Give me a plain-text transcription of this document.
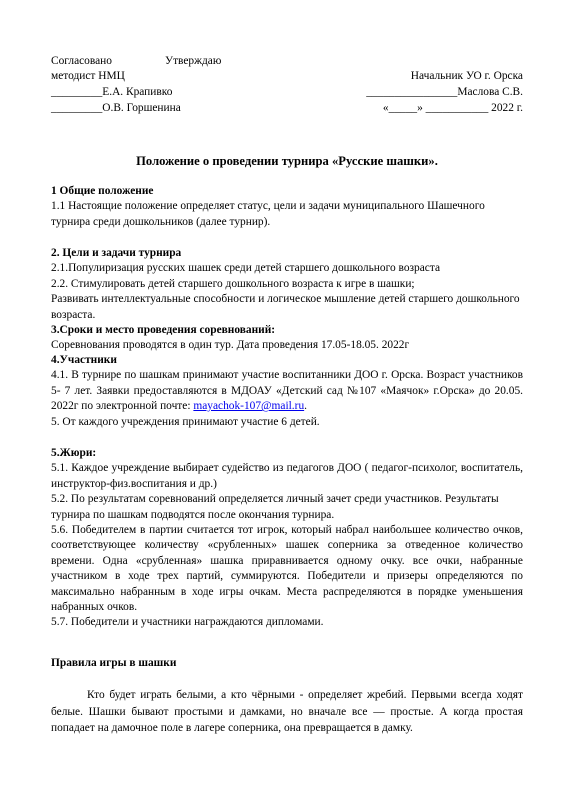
Согласовано	Утверждаю
методист НМЦ	Начальник УО г. Орска
_________Е.А. Крапивко	________________Маслова С.В.
_________О.В. Горшенина	«_____» ___________ 2022 г.
Положение о проведении турнира «Русские шашки».

1 Общие положение

1.1 Настоящие положение определяет статус, цели и задачи муниципального Шашечного турнира среди дошкольников (далее турнир).

2. Цели и задачи турнира

2.1.Популиризация русских шашек среди детей старшего дошкольного возраста

2.2. Стимулировать детей старшего дошкольного возраста к игре в шашки;

Развивать интеллектуальные способности и логическое мышление детей старшего дошкольного возраста.

3.Сроки и место проведения соревнований:

Соревнования проводятся в один тур. Дата проведения 17.05-18.05. 2022г

4.Участники

4.1. В турнире по шашкам принимают участие воспитанники ДОО г. Орска. Возраст участников 5- 7 лет. Заявки предоставляются в МДОАУ «Детский сад №107 «Маячок» г.Орска» до 20.05. 2022г по электронной почте: mayachok-107@mail.ru.

5. От каждого учреждения принимают участие 6 детей.

5.Жюри:

5.1. Каждое учреждение выбирает судейство из педагогов ДОО ( педагог-психолог, воспитатель, инструктор-физ.воспитания и др.)

5.2. По результатам соревнований определяется личный зачет среди участников. Результаты турнира по шашкам подводятся после окончания турнира.

5.6. Победителем в партии считается тот игрок, который набрал наибольшее количество очков, соответствующее количеству «срубленных» шашек соперника за отведенное количество времени. Одна «срубленная» шашка приравнивается одному очку. все очки, набранные участником в ходе трех партий, суммируются. Победители и призеры определяются по максимально набранным в ходе игры очкам. Места распределяются в порядке уменьшения набранных очков.

5.7. Победители и участники награждаются дипломами.

Правила игры в шашки

Кто будет играть белыми, а кто чёрными - определяет жребий. Первыми всегда ходят белые. Шашки бывают простыми и дамками, но вначале все — простые. А когда простая попадает на дамочное поле в лагере соперника, она превращается в дамку.
